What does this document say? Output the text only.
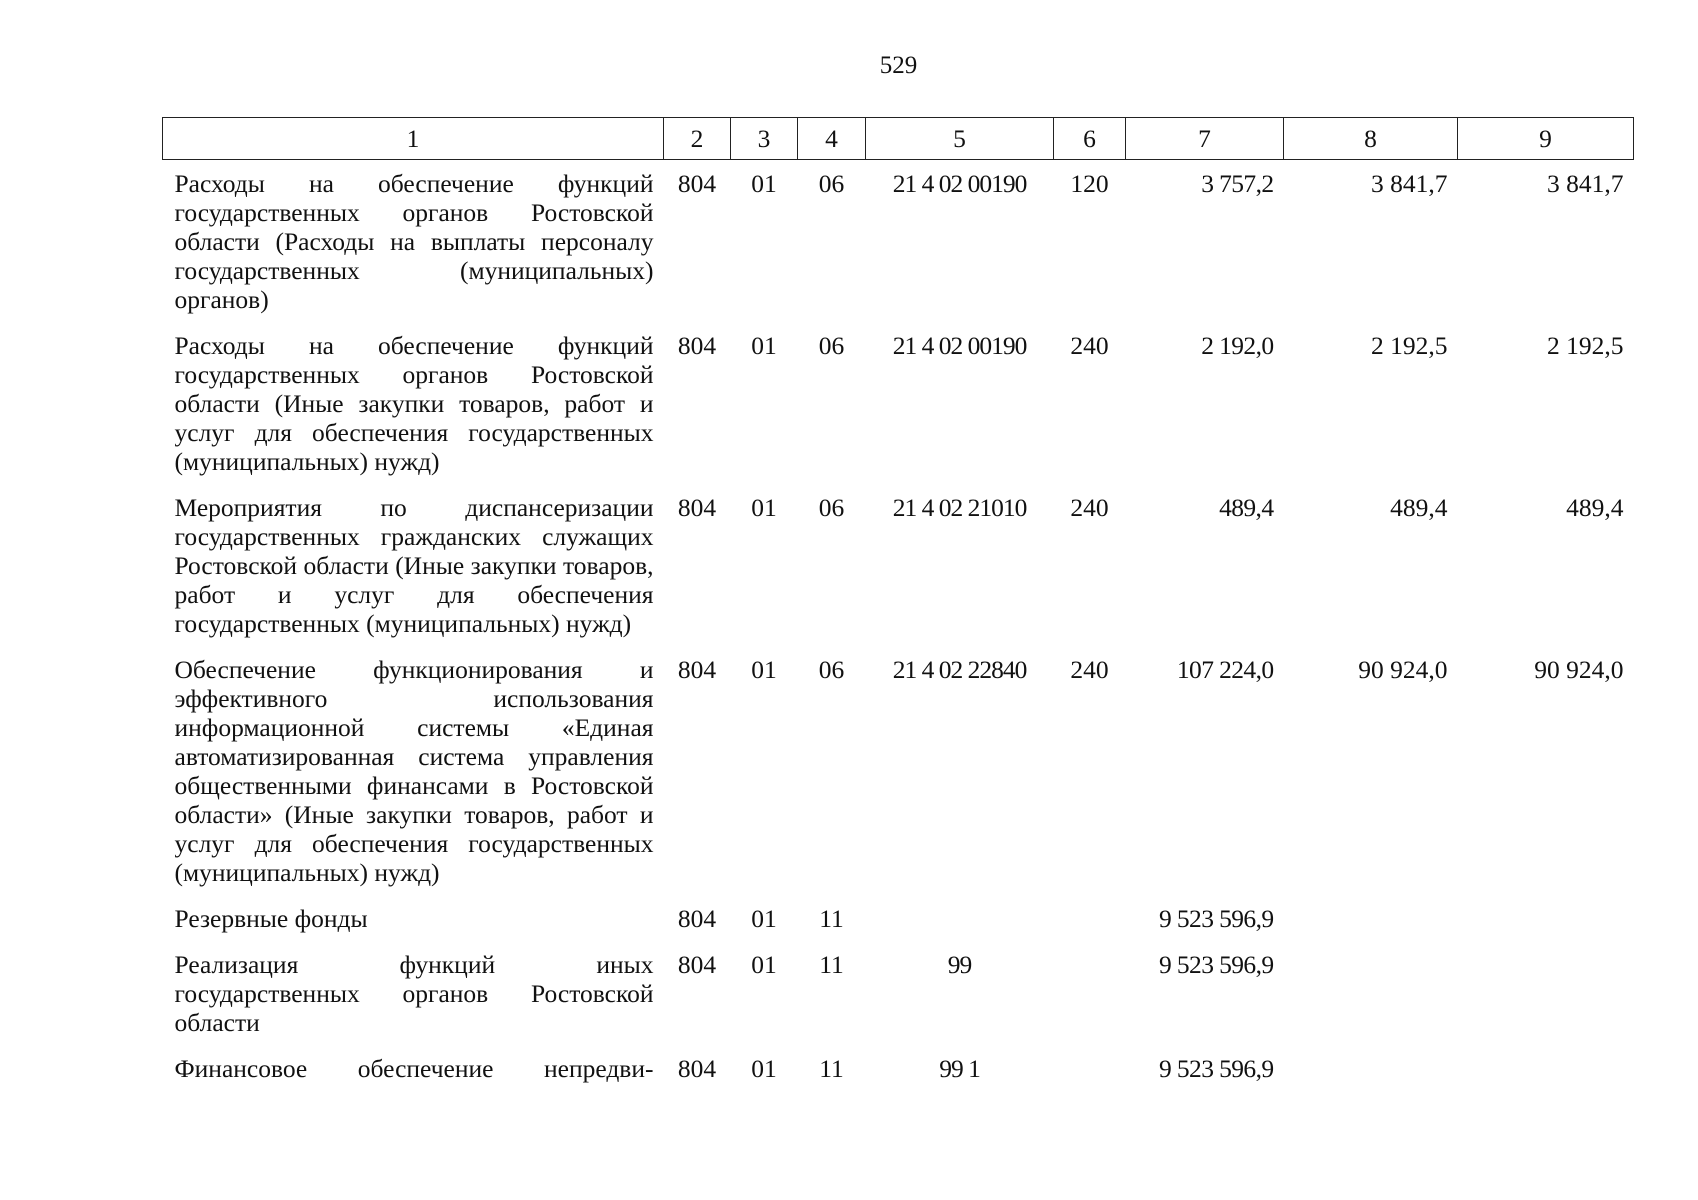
529
1	2	3	4	5	6	7	8	9
Расходы на обеспечение функций государственных органов Ростовской области (Расходы на выплаты персоналу государственных (муниципальных) органов)	804	01	06	21 4 02 00190	120	3 757,2	3 841,7	3 841,7
Расходы на обеспечение функций государственных органов Ростовской области (Иные закупки товаров, работ и услуг для обеспечения государственных (муниципальных) нужд)	804	01	06	21 4 02 00190	240	2 192,0	2 192,5	2 192,5
Мероприятия по диспансеризации государственных гражданских служащих Ростовской области (Иные закупки товаров, работ и услуг для обеспечения государственных (муниципальных) нужд)	804	01	06	21 4 02 21010	240	489,4	489,4	489,4
Обеспечение функционирования и эффективного использования информационной системы «Единая автоматизированная система управления общественными финансами в Ростовской области» (Иные закупки товаров, работ и услуг для обеспечения государственных (муниципальных) нужд)	804	01	06	21 4 02 22840	240	107 224,0	90 924,0	90 924,0
Резервные фонды	804	01	11			9 523 596,9		
Реализация функций иных государственных органов Ростовской области	804	01	11	99		9 523 596,9		
Финансовое обеспечение непредви-	804	01	11	99 1		9 523 596,9		
